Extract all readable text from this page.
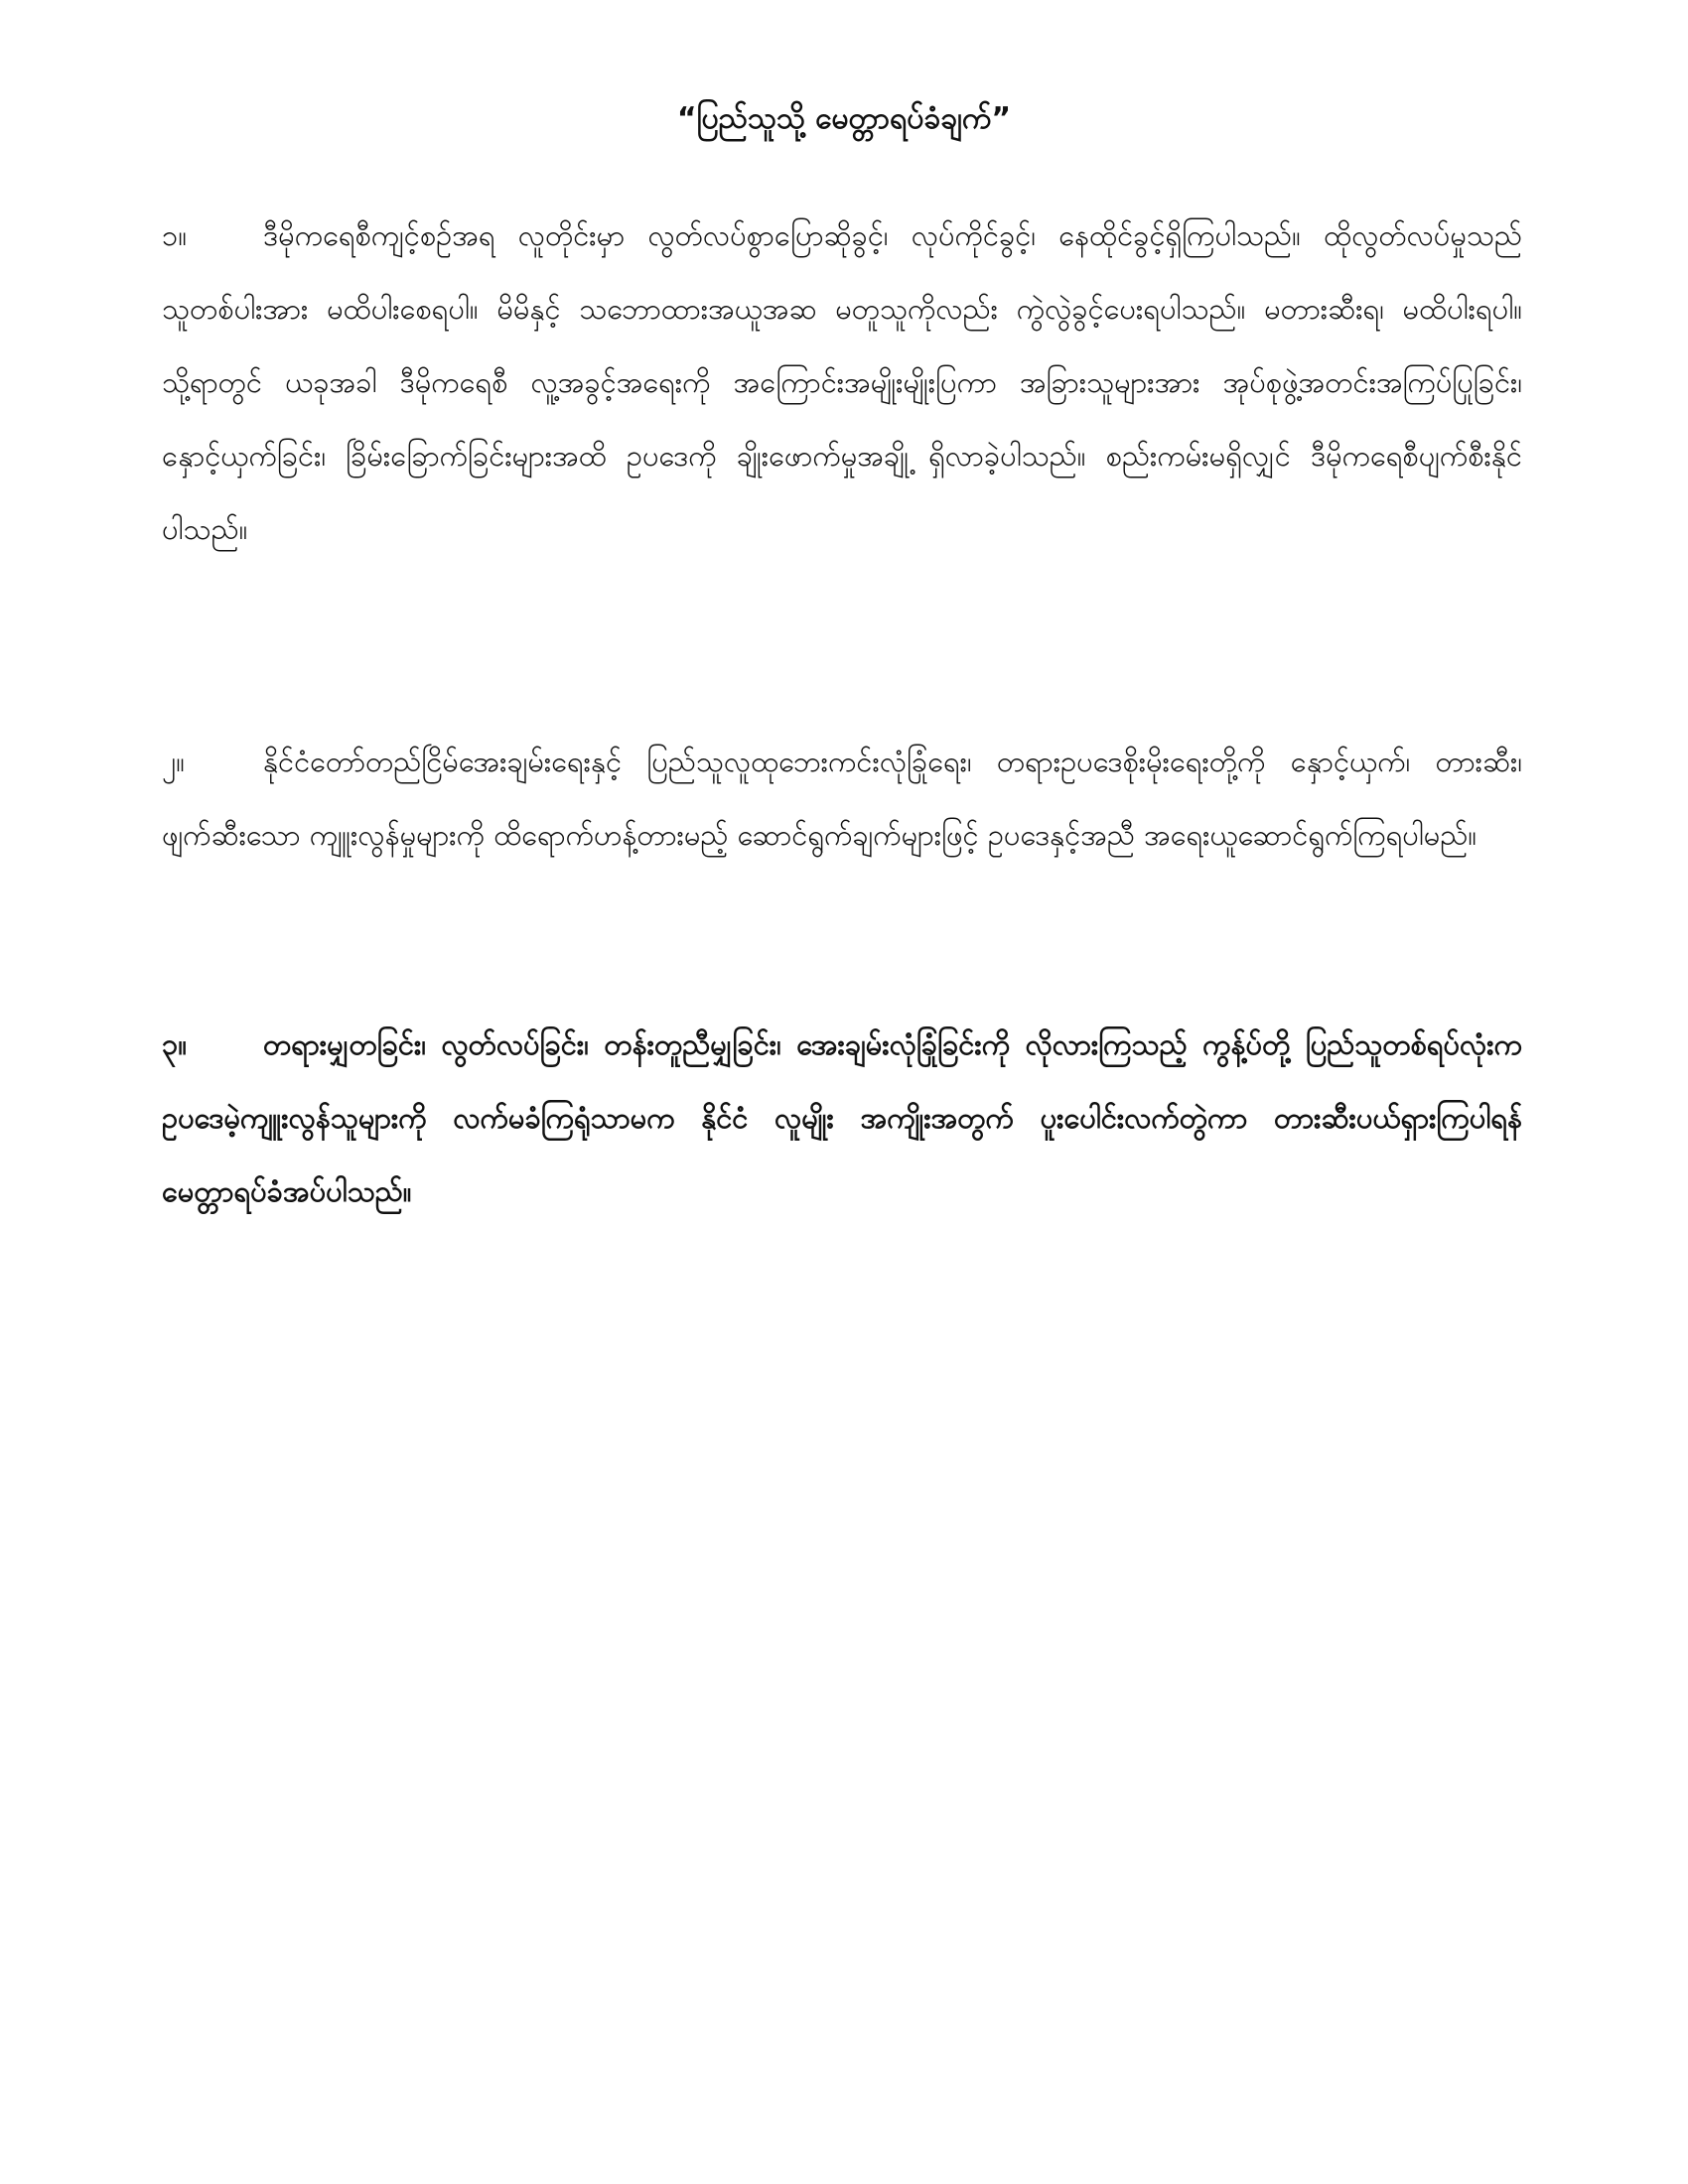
“ပြည်သူသို့ မေတ္တာရပ်ခံချက်”

၁။	ဒီမိုကရေစီကျင့်စဉ်အရ လူတိုင်းမှာ လွတ်လပ်စွာပြောဆိုခွင့်၊ လုပ်ကိုင်ခွင့်၊ နေထိုင်ခွင့်ရှိကြပါသည်။ ထိုလွတ်လပ်မှုသည် သူတစ်ပါးအား မထိပါးစေရပါ။ မိမိနှင့် သဘောထားအယူအဆ မတူသူကိုလည်း ကွဲလွဲခွင့်ပေးရပါသည်။ မတားဆီးရ၊ မထိပါးရပါ။ သို့ရာတွင် ယခုအခါ ဒီမိုကရေစီ လူ့အခွင့်အရေးကို အကြောင်းအမျိုးမျိုးပြကာ အခြားသူများအား အုပ်စုဖွဲ့အတင်းအကြပ်ပြုခြင်း၊ နှောင့်ယှက်ခြင်း၊ ခြိမ်းခြောက်ခြင်းများအထိ ဥပဒေကို ချိုးဖောက်မှုအချို့ ရှိလာခဲ့ပါသည်။ စည်းကမ်းမရှိလျှင် ဒီမိုကရေစီပျက်စီးနိုင်ပါသည်။

၂။	နိုင်ငံတော်တည်ငြိမ်အေးချမ်းရေးနှင့် ပြည်သူလူထုဘေးကင်းလုံခြုံရေး၊ တရားဥပဒေစိုးမိုးရေးတို့ကို နှောင့်ယှက်၊ တားဆီး၊ ဖျက်ဆီးသော ကျူးလွန်မှုများကို ထိရောက်ဟန့်တားမည့် ဆောင်ရွက်ချက်များဖြင့် ဥပဒေနှင့်အညီ အရေးယူဆောင်ရွက်ကြရပါမည်။

၃။	တရားမျှတခြင်း၊ လွတ်လပ်ခြင်း၊ တန်းတူညီမျှခြင်း၊ အေးချမ်းလုံခြုံခြင်းကို လိုလားကြသည့် ကွန့်ပ်တို့ ပြည်သူတစ်ရပ်လုံးက ဥပဒေမဲ့ကျူးလွန်သူများကို လက်မခံကြရုံသာမက နိုင်ငံ လူမျိုး အကျိုးအတွက် ပူးပေါင်းလက်တွဲကာ တားဆီးပယ်ရှားကြပါရန် မေတ္တာရပ်ခံအပ်ပါသည်။
